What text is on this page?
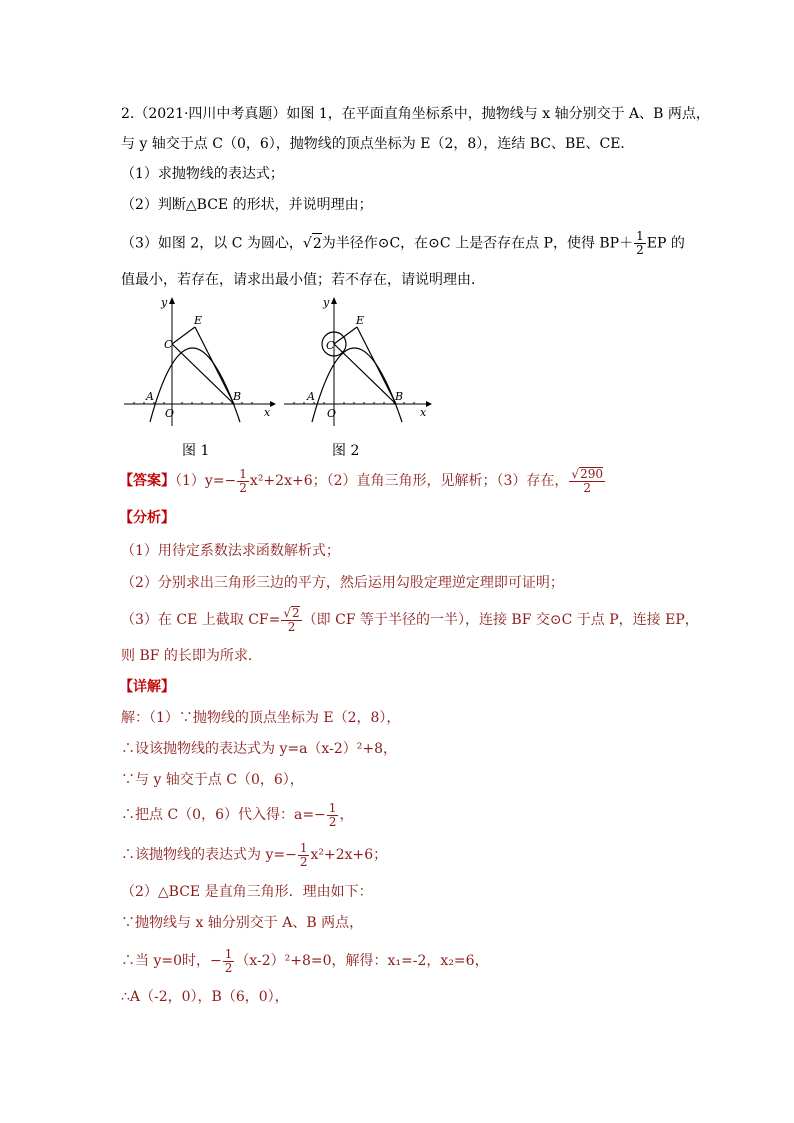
2.（2021·四川中考真题）如图 1，在平面直角坐标系中，抛物线与 x 轴分别交于 A、B 两点，
与 y 轴交于点 C（0，6），抛物线的顶点坐标为 E（2，8），连结 BC、BE、CE．
（1）求抛物线的表达式；
（2）判断△BCE 的形状，并说明理由；
（3）如图 2，以 C 为圆心，√2为半径作⊙C，在⊙C 上是否存在点 P，使得 $BP+ \frac{1}{2}$ EP 的
值最小，若存在，请求出最小值；若不存在，请说明理由．
y
x
O
A	B
C
E
图 1
y
x
O
A	B
C
E
图 2
【答案】$(1)y=- \frac{1}{2} x^2+2x+6$；（2）直角三角形，见解析；（3）存在， $\frac{√290}{2}$
【分析】
（1）用待定系数法求函数解析式；
（2）分别求出三角形三边的平方，然后运用勾股定理逆定理即可证明；
（3）在 CE 上截取 $CF= \frac{√2}{2}$ （即 CF 等于半径的一半），连接 BF 交⊙C 于点 P，连接 EP，
则 BF 的长即为所求．
【详解】
解：（1）∵抛物线的顶点坐标为 E（2，8），
∴设该抛物线的表达式为 y=a（x-2）²+8，
∵与 y 轴交于点 C（0，6），
∴把点 C（0，6）代入得：$a=- \frac{1}{2}$ ，
∴该抛物线的表达式为 $y=- \frac{1}{2} x^2+2x+6$；
（2）△BCE 是直角三角形．理由如下：
∵抛物线与 x 轴分别交于 A、B 两点，
∴当 y=0时，− $\frac{1}{2} (x-2)^2+8=0$，解得：x₁=-2，x₂=6，
∴A（-2，0），B（6，0），
